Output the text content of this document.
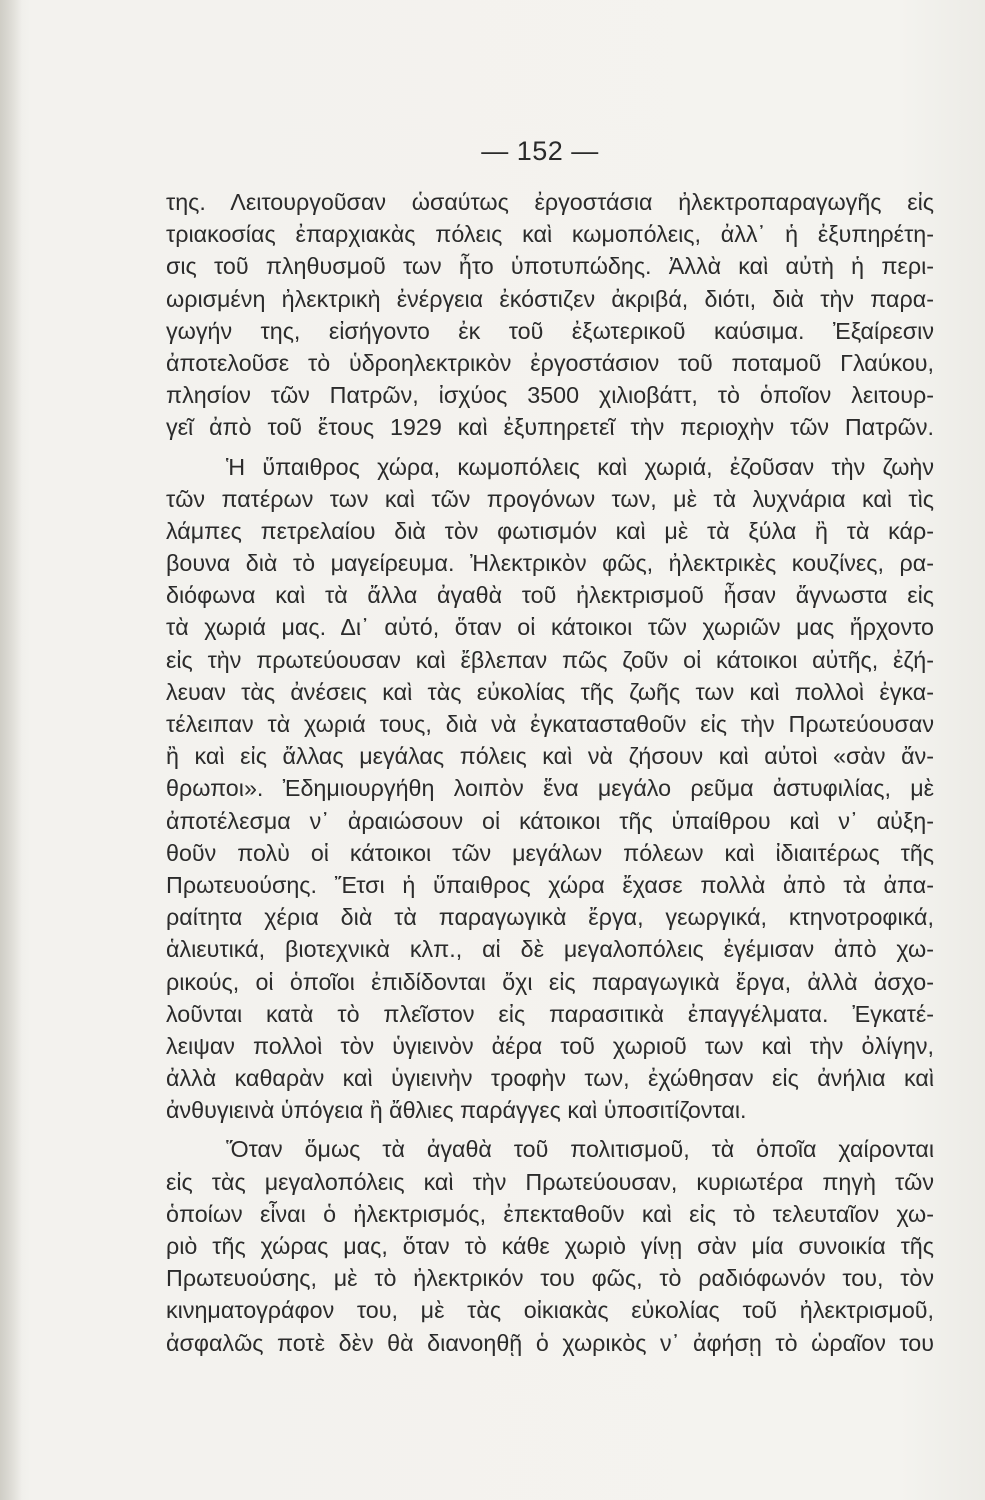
— 152 —
της. Λειτουργοῦσαν ὡσαύτως ἐργοστάσια ἠλεκτροπαραγωγῆς εἰς
τριακοσίας ἐπαρχιακὰς πόλεις καὶ κωμοπόλεις, ἀλλ᾽ ἡ ἐξυπηρέτη-
σις τοῦ πληθυσμοῦ των ἦτο ὑποτυπώδης. Ἀλλὰ καὶ αὐτὴ ἡ περι-
ωρισμένη ἠλεκτρικὴ ἐνέργεια ἐκόστιζεν ἀκριβά, διότι, διὰ τὴν παρα-
γωγήν της, εἰσήγοντο ἐκ τοῦ ἐξωτερικοῦ καύσιμα. Ἐξαίρεσιν
ἀποτελοῦσε τὸ ὑδροηλεκτρικὸν ἐργοστάσιον τοῦ ποταμοῦ Γλαύκου,
πλησίον τῶν Πατρῶν, ἰσχύος 3500 χιλιοβάττ, τὸ ὁποῖον λειτουρ-
γεῖ ἀπὸ τοῦ ἔτους 1929 καὶ ἐξυπηρετεῖ τὴν περιοχὴν τῶν Πατρῶν.
Ἡ ὕπαιθρος χώρα, κωμοπόλεις καὶ χωριά, ἐζοῦσαν τὴν ζωὴν
τῶν πατέρων των καὶ τῶν προγόνων των, μὲ τὰ λυχνάρια καὶ τὶς
λάμπες πετρελαίου διὰ τὸν φωτισμόν καὶ μὲ τὰ ξύλα ἢ τὰ κάρ-
βουνα διὰ τὸ μαγείρευμα. Ἠλεκτρικὸν φῶς, ἠλεκτρικὲς κουζίνες, ρα-
διόφωνα καὶ τὰ ἄλλα ἀγαθὰ τοῦ ἠλεκτρισμοῦ ἦσαν ἄγνωστα εἰς
τὰ χωριά μας. Δι᾽ αὐτό, ὅταν οἱ κάτοικοι τῶν χωριῶν μας ἤρχοντο
εἰς τὴν πρωτεύουσαν καὶ ἔβλεπαν πῶς ζοῦν οἱ κάτοικοι αὐτῆς, ἐζή-
λευαν τὰς ἀνέσεις καὶ τὰς εὐκολίας τῆς ζωῆς των καὶ πολλοὶ ἐγκα-
τέλειπαν τὰ χωριά τους, διὰ νὰ ἐγκατασταθοῦν εἰς τὴν Πρωτεύουσαν
ἢ καὶ εἰς ἄλλας μεγάλας πόλεις καὶ νὰ ζήσουν καὶ αὐτοὶ «σὰν ἄν-
θρωποι». Ἐδημιουργήθη λοιπὸν ἕνα μεγάλο ρεῦμα ἀστυφιλίας, μὲ
ἀποτέλεσμα ν᾽ ἀραιώσουν οἱ κάτοικοι τῆς ὑπαίθρου καὶ ν᾽ αὐξη-
θοῦν πολὺ οἱ κάτοικοι τῶν μεγάλων πόλεων καὶ ἰδιαιτέρως τῆς
Πρωτευούσης. Ἔτσι ἡ ὕπαιθρος χώρα ἔχασε πολλὰ ἀπὸ τὰ ἀπα-
ραίτητα χέρια διὰ τὰ παραγωγικὰ ἔργα, γεωργικά, κτηνοτροφικά,
ἁλιευτικά, βιοτεχνικὰ κλπ., αἱ δὲ μεγαλοπόλεις ἐγέμισαν ἀπὸ χω-
ρικούς, οἱ ὁποῖοι ἐπιδίδονται ὄχι εἰς παραγωγικὰ ἔργα, ἀλλὰ ἀσχο-
λοῦνται κατὰ τὸ πλεῖστον εἰς παρασιτικὰ ἐπαγγέλματα. Ἐγκατέ-
λειψαν πολλοὶ τὸν ὑγιεινὸν ἀέρα τοῦ χωριοῦ των καὶ τὴν ὀλίγην,
ἀλλὰ καθαρὰν καὶ ὑγιεινὴν τροφὴν των, ἐχώθησαν εἰς ἀνήλια καὶ
ἀνθυγιεινὰ ὑπόγεια ἢ ἄθλιες παράγγες καὶ ὑποσιτίζονται.
Ὅταν ὅμως τὰ ἀγαθὰ τοῦ πολιτισμοῦ, τὰ ὁποῖα χαίρονται
εἰς τὰς μεγαλοπόλεις καὶ τὴν Πρωτεύουσαν, κυριωτέρα πηγὴ τῶν
ὁποίων εἶναι ὁ ἠλεκτρισμός, ἐπεκταθοῦν καὶ εἰς τὸ τελευταῖον χω-
ριὸ τῆς χώρας μας, ὅταν τὸ κάθε χωριὸ γίνῃ σὰν μία συνοικία τῆς
Πρωτευούσης, μὲ τὸ ἠλεκτρικόν του φῶς, τὸ ραδιόφωνόν του, τὸν
κινηματογράφον του, μὲ τὰς οἰκιακὰς εὐκολίας τοῦ ἠλεκτρισμοῦ,
ἀσφαλῶς ποτὲ δὲν θὰ διανοηθῇ ὁ χωρικὸς ν᾽ ἀφήσῃ τὸ ὡραῖον του
